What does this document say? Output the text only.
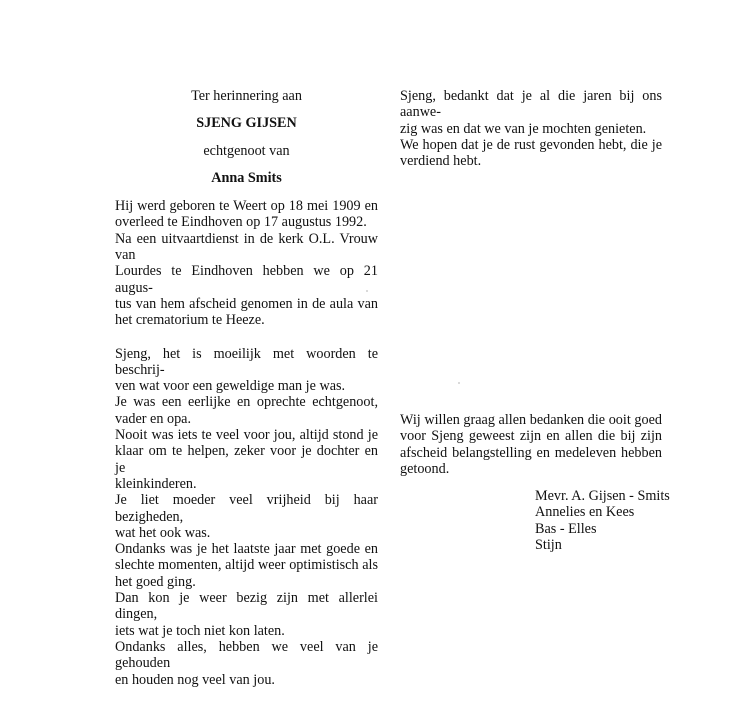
Ter herinnering aan
SJENG GIJSEN
echtgenoot van
Anna Smits
Hij werd geboren te Weert op 18 mei 1909 en
overleed te Eindhoven op 17 augustus 1992.
Na een uitvaartdienst in de kerk O.L. Vrouw van
Lourdes te Eindhoven hebben we op 21 augus-
tus van hem afscheid genomen in de aula van
het crematorium te Heeze.
Sjeng, het is moeilijk met woorden te beschrij-
ven wat voor een geweldige man je was.
Je was een eerlijke en oprechte echtgenoot,
vader en opa.
Nooit was iets te veel voor jou, altijd stond je
klaar om te helpen, zeker voor je dochter en je
kleinkinderen.
Je liet moeder veel vrijheid bij haar bezigheden,
wat het ook was.
Ondanks was je het laatste jaar met goede en
slechte momenten, altijd weer optimistisch als
het goed ging.
Dan kon je weer bezig zijn met allerlei dingen,
iets wat je toch niet kon laten.
Ondanks alles, hebben we veel van je gehouden
en houden nog veel van jou.
Sjeng, bedankt dat je al die jaren bij ons aanwe-
zig was en dat we van je mochten genieten.
We hopen dat je de rust gevonden hebt, die je
verdiend hebt.
Wij willen graag allen bedanken die ooit goed
voor Sjeng geweest zijn en allen die bij zijn
afscheid belangstelling en medeleven hebben
getoond.
Mevr. A. Gijsen - Smits
Annelies en Kees
Bas - Elles
Stijn
